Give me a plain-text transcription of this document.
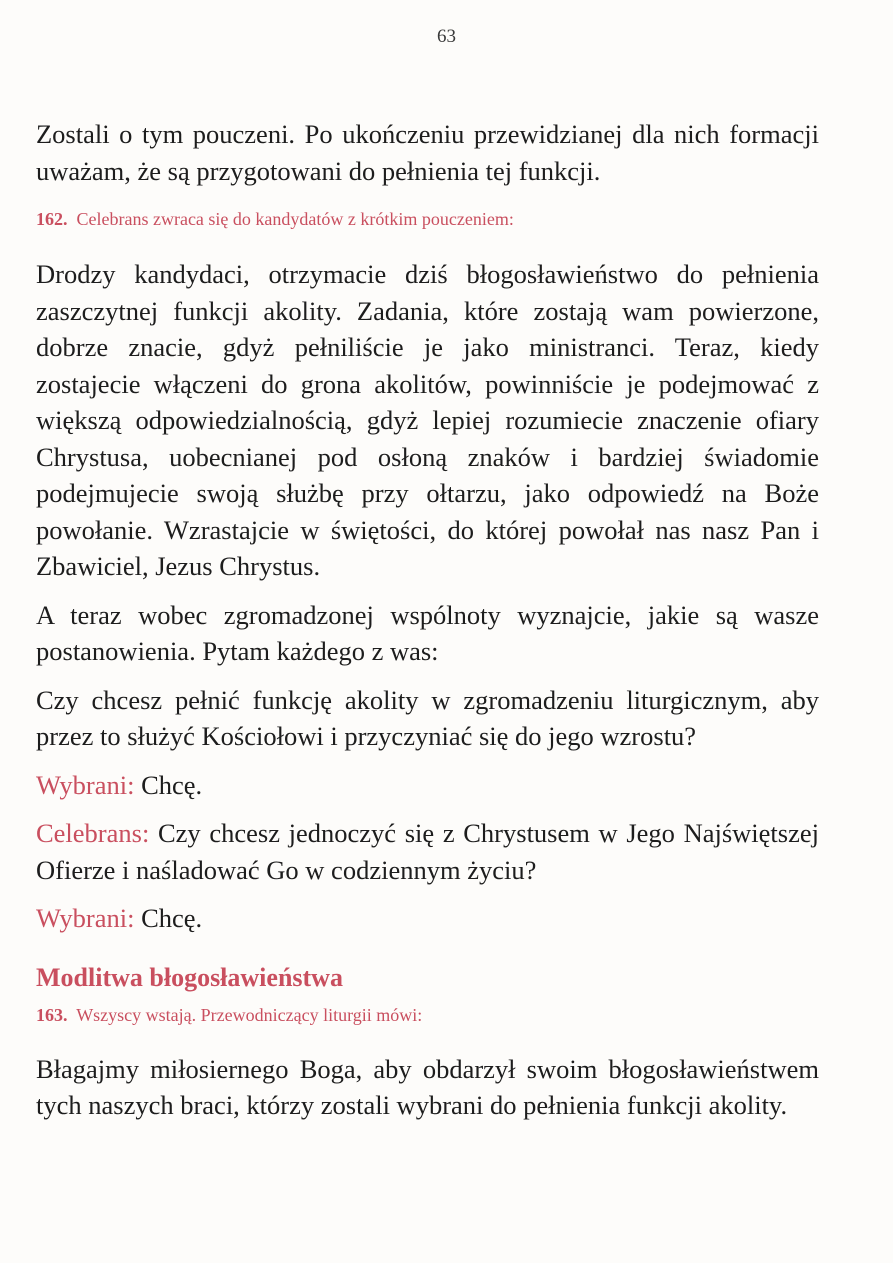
63

Zostali o tym pouczeni. Po ukończeniu przewidzianej dla nich formacji uważam, że są przygotowani do pełnienia tej funkcji.

162. Celebrans zwraca się do kandydatów z krótkim pouczeniem:

Drodzy kandydaci, otrzymacie dziś błogosławieństwo do pełnienia zaszczytnej funkcji akolity. Zadania, które zostają wam powierzone, dobrze znacie, gdyż pełniliście je jako ministranci. Teraz, kiedy zostajecie włączeni do grona akolitów, powinniście je podejmować z większą odpowiedzialnością, gdyż lepiej rozumiecie znaczenie ofiary Chrystusa, uobecnianej pod osłoną znaków i bardziej świadomie podejmujecie swoją służbę przy ołtarzu, jako odpowiedź na Boże powołanie. Wzrastajcie w świętości, do której powołał nas nasz Pan i Zbawiciel, Jezus Chrystus.

A teraz wobec zgromadzonej wspólnoty wyznajcie, jakie są wasze postanowienia. Pytam każdego z was:

Czy chcesz pełnić funkcję akolity w zgromadzeniu liturgicznym, aby przez to służyć Kościołowi i przyczyniać się do jego wzrostu?

Wybrani: Chcę.

Celebrans: Czy chcesz jednoczyć się z Chrystusem w Jego Najświętszej Ofierze i naśladować Go w codziennym życiu?

Wybrani: Chcę.

Modlitwa błogosławieństwa

163. Wszyscy wstają. Przewodniczący liturgii mówi:

Błagajmy miłosiernego Boga, aby obdarzył swoim błogosławieństwem tych naszych braci, którzy zostali wybrani do pełnienia funkcji akolity.
